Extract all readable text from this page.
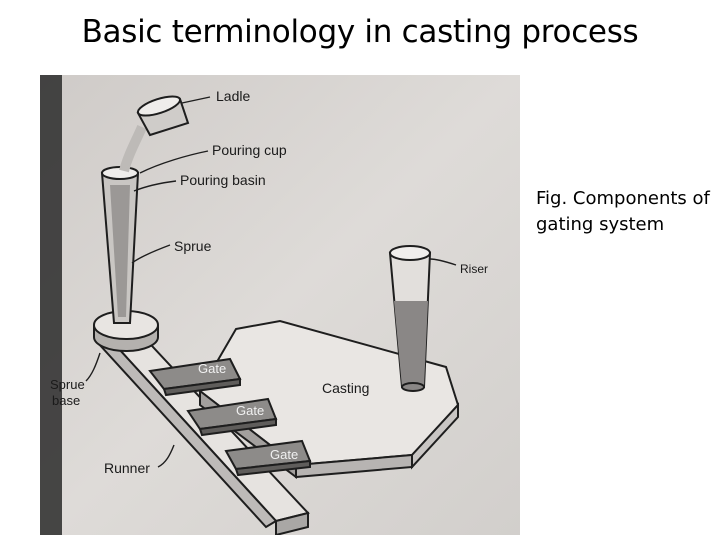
Basic terminology in casting process
Ladle
Pouring cup
Pouring basin
Sprue
Riser
Gate
Casting
Gate
Gate
Sprue
base
Runner
Fig. Components of gating system
